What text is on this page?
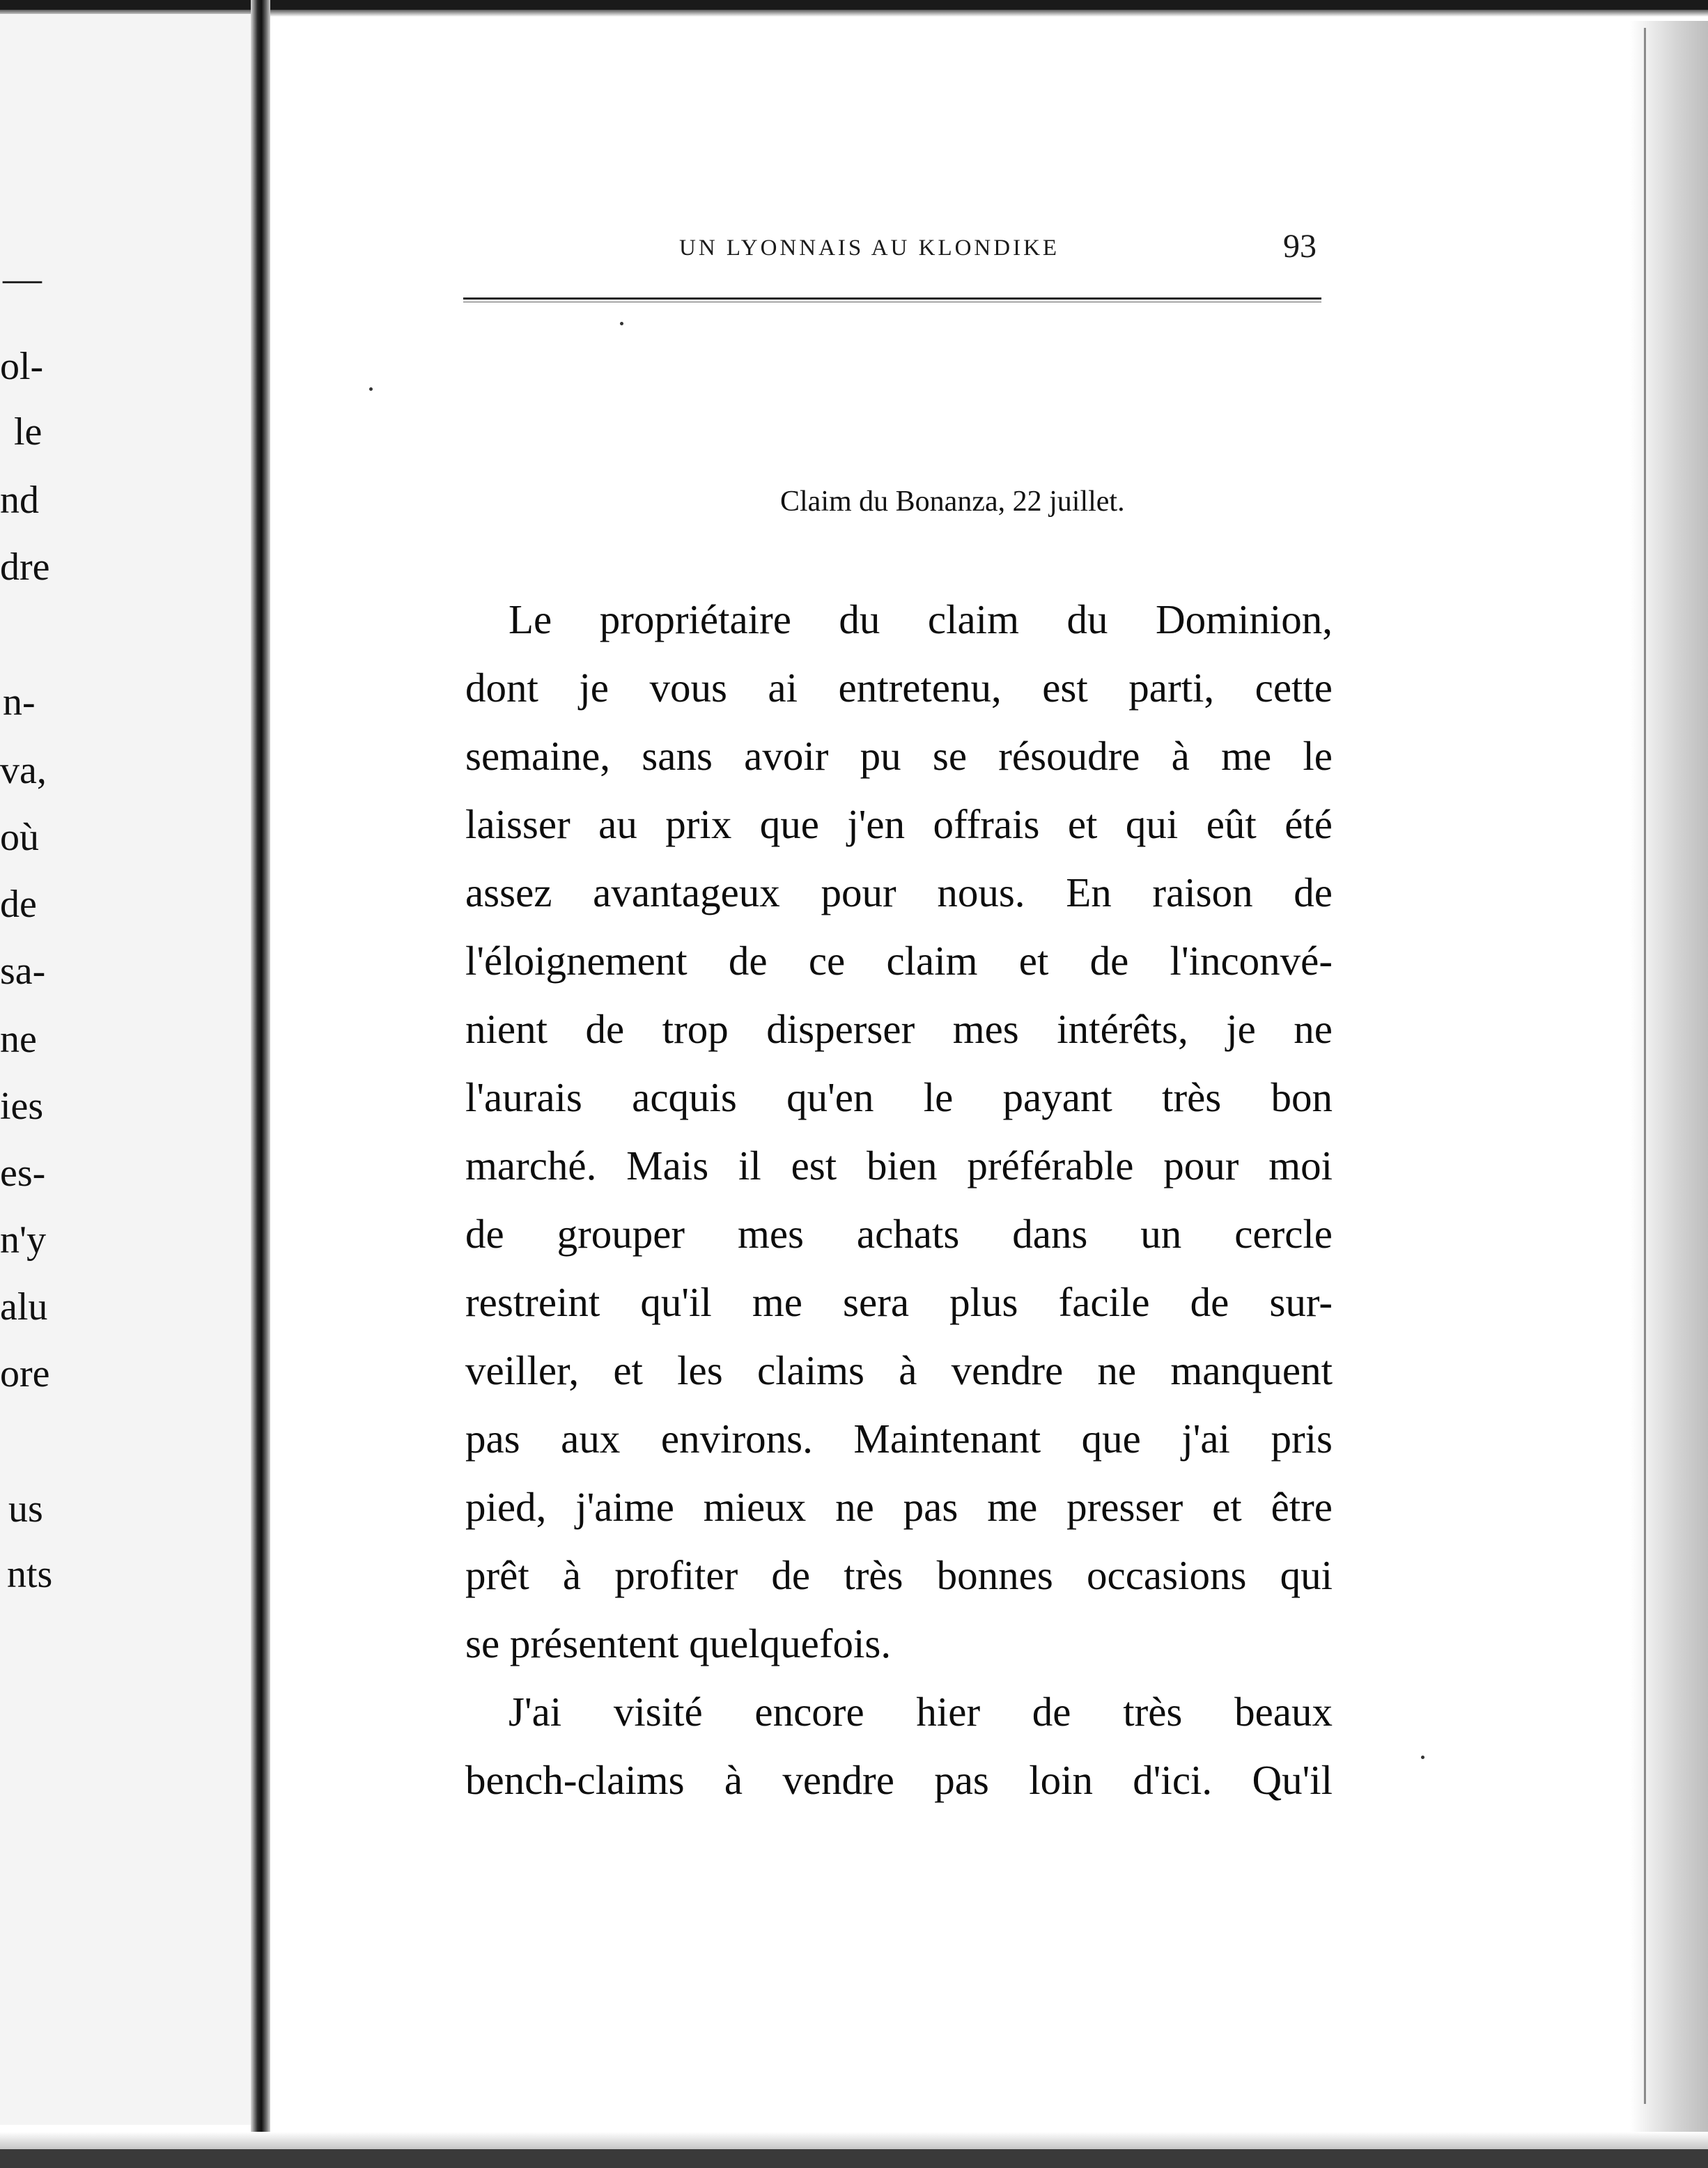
—
ol-
le
nd
dre
n-
va,
où
de
sa-
ne
ies
es-
n'y
alu
ore
us
nts
UN LYONNAIS AU KLONDIKE	93
Claim du Bonanza, 22 juillet.
Le propriétaire du claim du Dominion,
dont je vous ai entretenu, est parti, cette
semaine, sans avoir pu se résoudre à me le
laisser au prix que j'en offrais et qui eût été
assez avantageux pour nous. En raison de
l'éloignement de ce claim et de l'inconvé-
nient de trop disperser mes intérêts, je ne
l'aurais acquis qu'en le payant très bon
marché. Mais il est bien préférable pour moi
de grouper mes achats dans un cercle
restreint qu'il me sera plus facile de sur-
veiller, et les claims à vendre ne manquent
pas aux environs. Maintenant que j'ai pris
pied, j'aime mieux ne pas me presser et être
prêt à profiter de très bonnes occasions qui
se présentent quelquefois.
J'ai visité encore hier de très beaux
bench-claims à vendre pas loin d'ici. Qu'il
